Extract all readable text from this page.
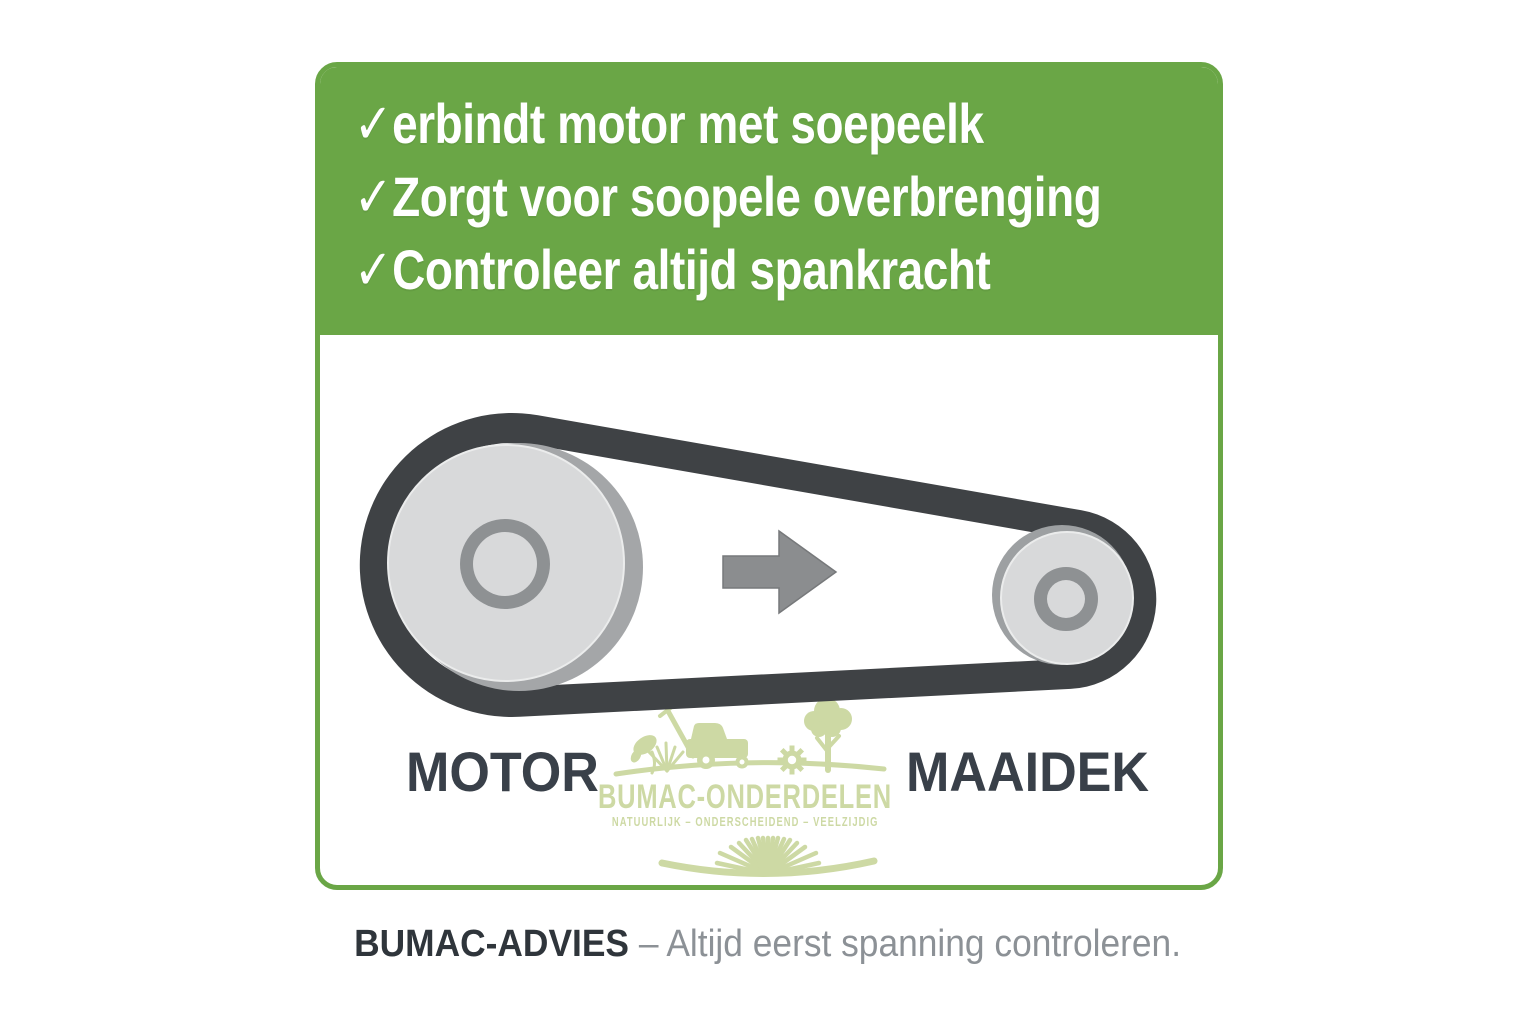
✓erbindt motor met soepeelk
✓Zorgt voor soopele overbrenging
✓Controleer altijd spankracht
MOTOR	MAAIDEK
BUMAC-ONDERDELEN
NATUURLIJK – ONDERSCHEIDEND – VEELZIJDIG
BUMAC-ADVIES – Altijd eerst spanning controleren.
